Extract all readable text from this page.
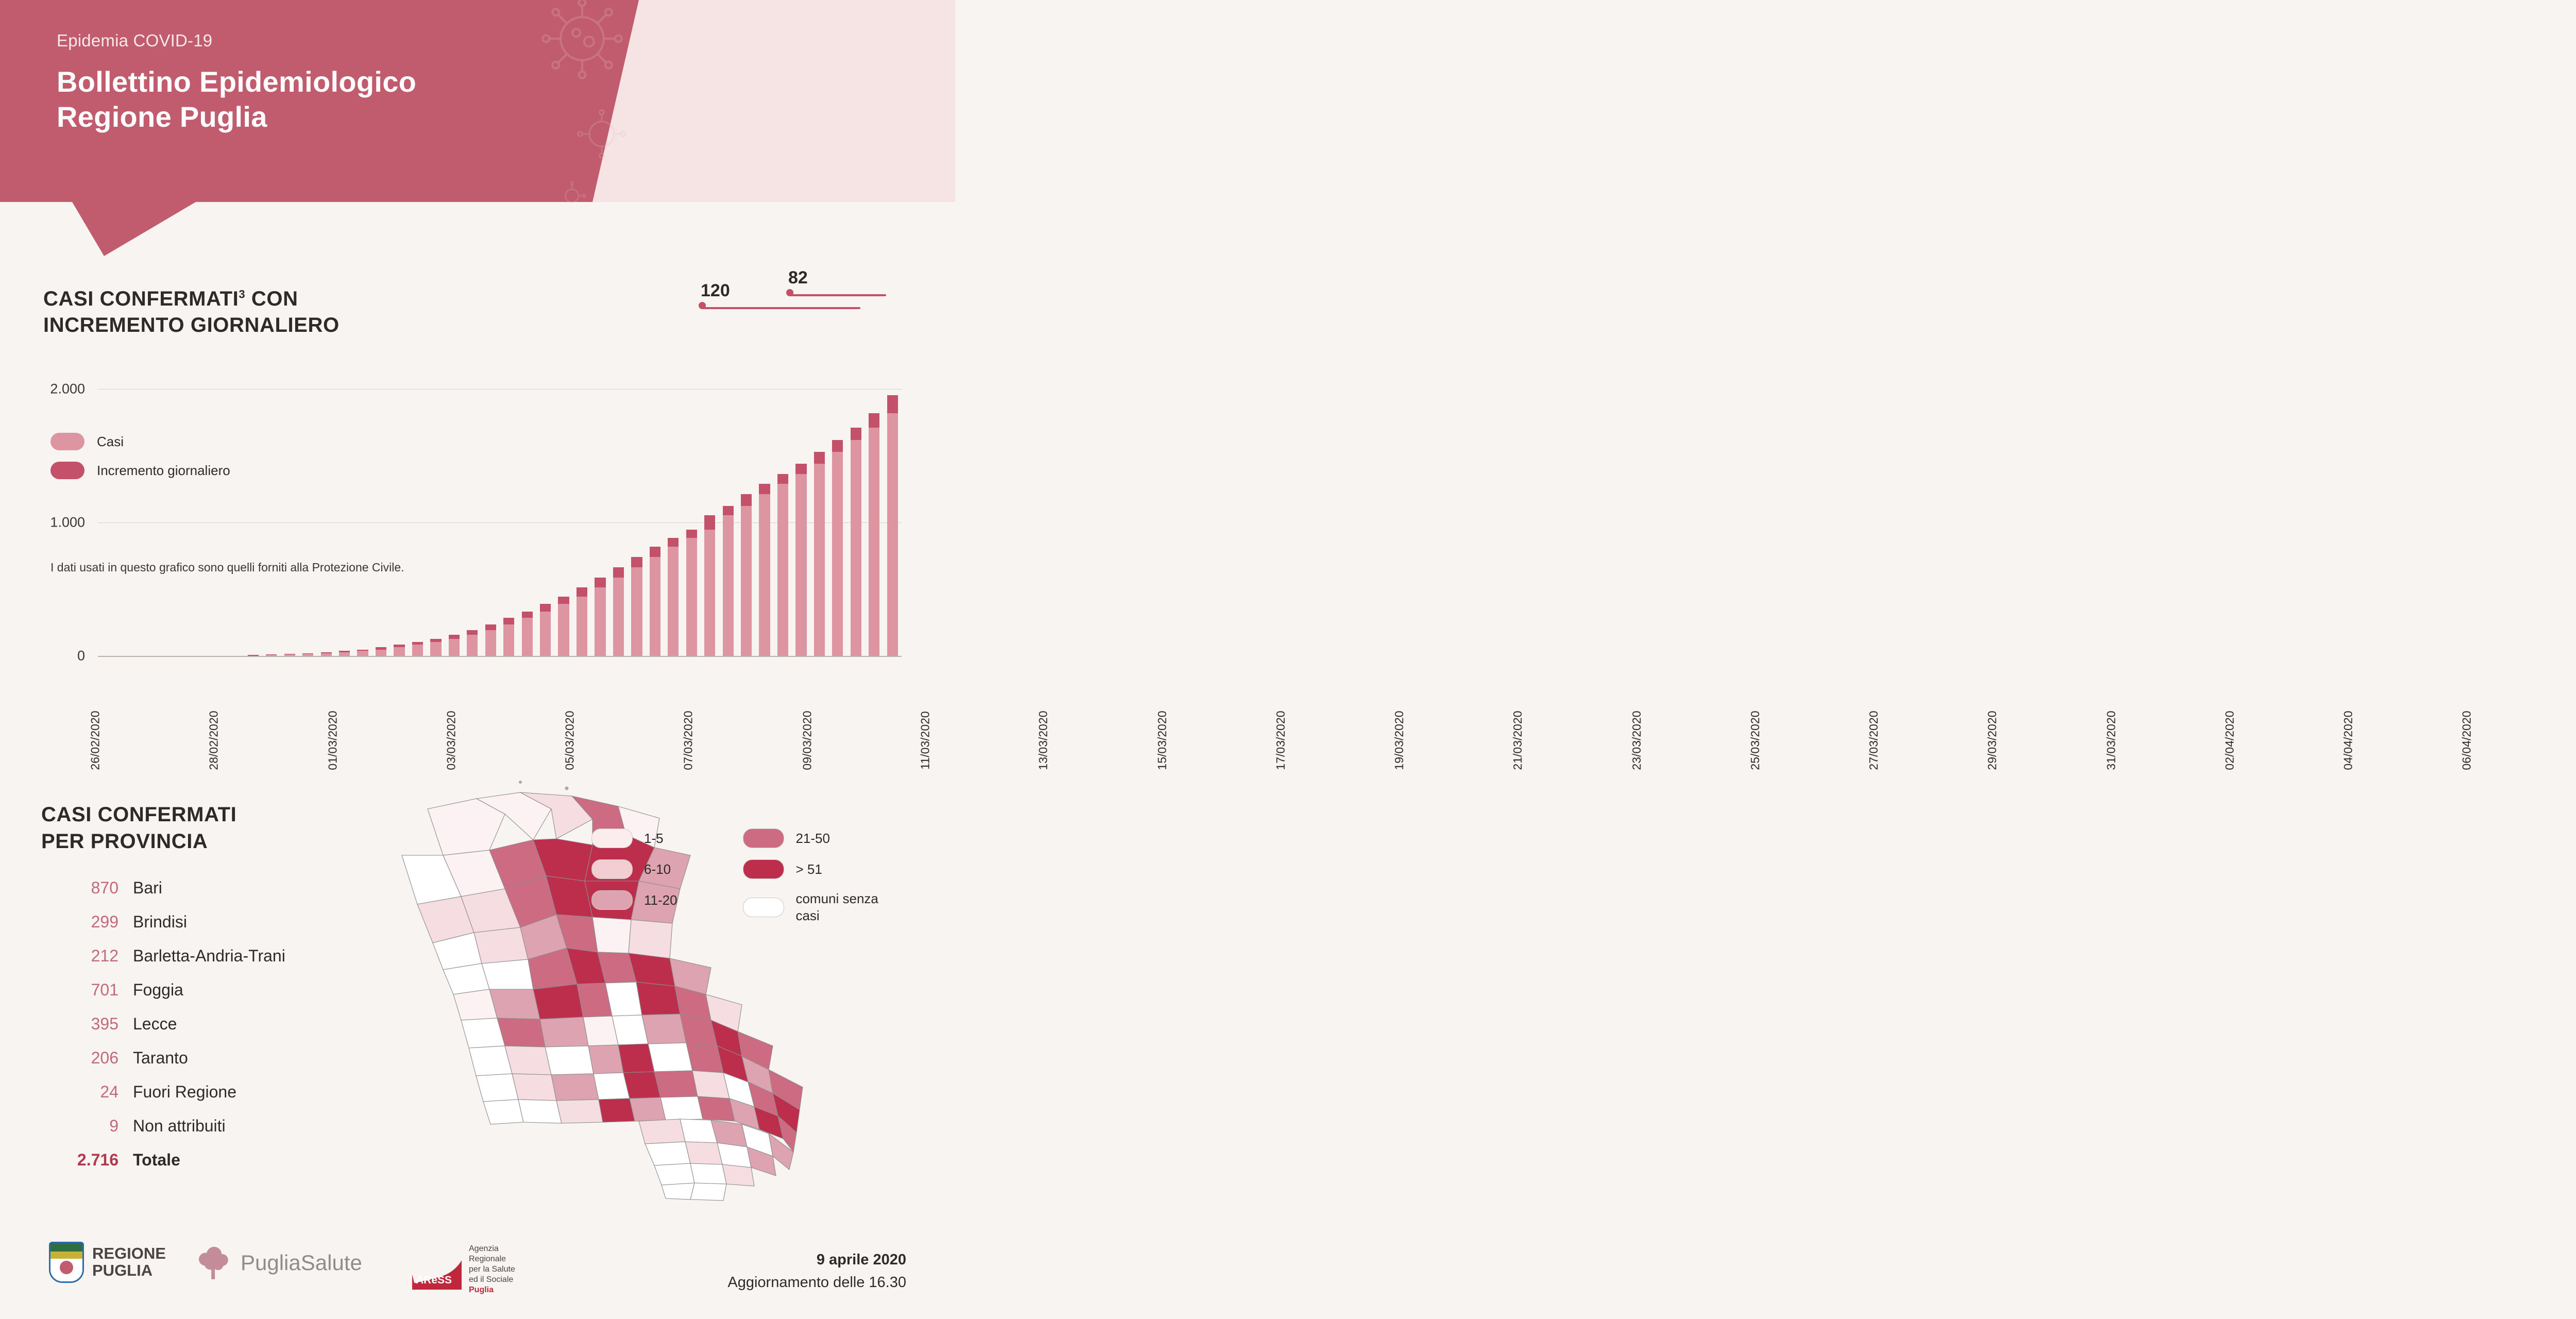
Epidemia COVID-19
Bollettino Epidemiologico
Regione Puglia
CASI CONFERMATI$^3$ CON
INCREMENTO GIORNALIERO
Casi
Incremento giornaliero
I dati usati in questo grafico sono quelli forniti alla Protezione Civile.
2.000
1.000
0
26/02/2020	28/02/2020	01/03/2020	03/03/2020	05/03/2020	07/03/2020	09/03/2020	11/03/2020	13/03/2020	15/03/2020	17/03/2020	19/03/2020	21/03/2020	23/03/2020	25/03/2020	27/03/2020	29/03/2020	31/03/2020	02/04/2020	04/04/2020	06/04/2020
120
82
CASI CONFERMATI
PER PROVINCIA
870 Bari
299 Brindisi
212 Barletta-Andria-Trani
701 Foggia
395 Lecce
206 Taranto
24 Fuori Regione
9 Non attribuiti
2.716 Totale
1-5
6-10
11-20

21-50
> 51
comuni senza casi
REGIONE
PUGLIA	PugliaSalute
AReSS
Agenzia
Regionale
per la Salute
ed il Sociale
Puglia
9 aprile 2020
Aggiornamento delle 16.30
